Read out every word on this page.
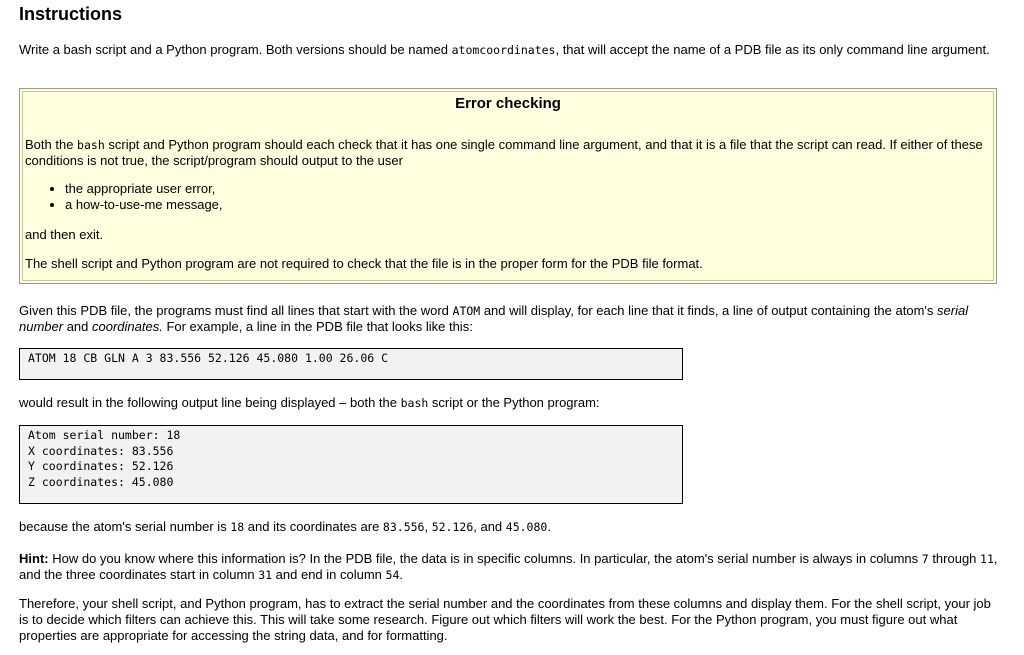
Instructions

Write a bash script and a Python program. Both versions should be named atomcoordinates, that will accept the name of a PDB file as its only command line argument.

Error checking

Both the bash script and Python program should each check that it has one single command line argument, and that it is a file that the script can read. If either of these conditions is not true, the script/program should output to the user

• the appropriate user error,
• a how-to-use-me message,

and then exit.

The shell script and Python program are not required to check that the file is in the proper form for the PDB file format.

Given this PDB file, the programs must find all lines that start with the word ATOM and will display, for each line that it finds, a line of output containing the atom's serial number and coordinates. For example, a line in the PDB file that looks like this:

ATOM 18 CB GLN A 3 83.556 52.126 45.080 1.00 26.06 C

would result in the following output line being displayed – both the bash script or the Python program:

Atom serial number: 18
X coordinates: 83.556
Y coordinates: 52.126
Z coordinates: 45.080

because the atom's serial number is 18 and its coordinates are 83.556, 52.126, and 45.080.

Hint: How do you know where this information is? In the PDB file, the data is in specific columns. In particular, the atom's serial number is always in columns 7 through 11, and the three coordinates start in column 31 and end in column 54.

Therefore, your shell script, and Python program, has to extract the serial number and the coordinates from these columns and display them. For the shell script, your job is to decide which filters can achieve this. This will take some research. Figure out which filters will work the best. For the Python program, you must figure out what properties are appropriate for accessing the string data, and for formatting.
